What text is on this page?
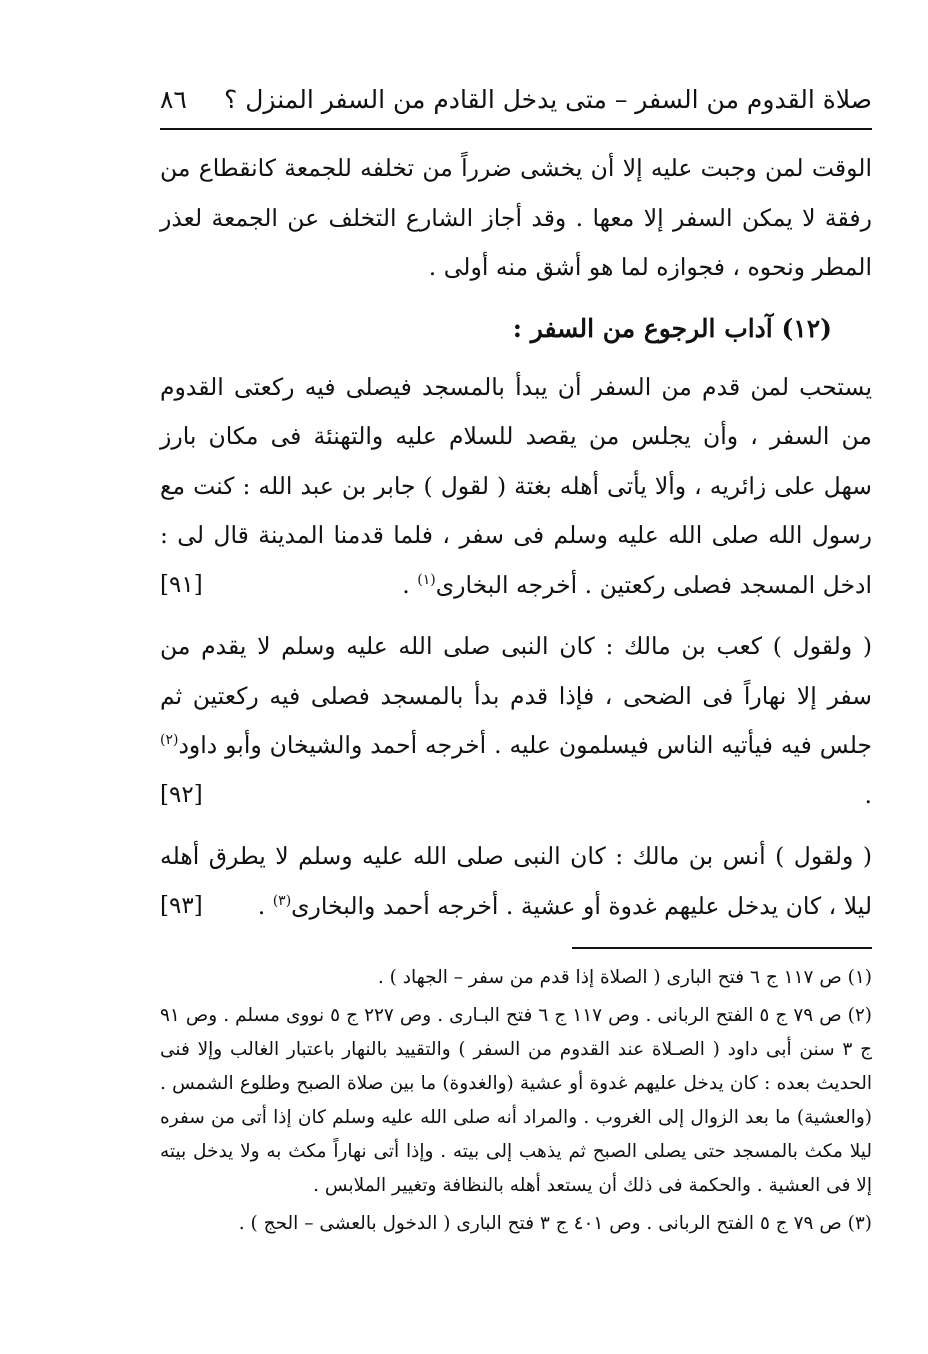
صلاة القدوم من السفر – متى يدخل القادم من السفر المنزل ؟
٨٦

الوقت لمن وجبت عليه إلا أن يخشى ضرراً من تخلفه للجمعة كانقطاع من رفقة لا يمكن السفر إلا معها . وقد أجاز الشارع التخلف عن الجمعة لعذر المطر ونحوه ، فجوازه لما هو أشق منه أولى .

(١٢) آداب الرجوع من السفر :

يستحب لمن قدم من السفر أن يبدأ بالمسجد فيصلى فيه ركعتى القدوم من السفر ، وأن يجلس من يقصد للسلام عليه والتهنئة فى مكان بارز سهل على زائريه ، وألا يأتى أهله بغتة ( لقول ) جابر بن عبد الله : كنت مع رسول الله صلى الله عليه وسلم فى سفر ، فلما قدمنا المدينة قال لى : ادخل المسجد فصلى ركعتين . أخرجه البخارى$^{(١)}$ .
[٩١]

( ولقول ) كعب بن مالك : كان النبى صلى الله عليه وسلم لا يقدم من سفر إلا نهاراً فى الضحى ، فإذا قدم بدأ بالمسجد فصلى فيه ركعتين ثم جلس فيه فيأتيه الناس فيسلمون عليه . أخرجه أحمد والشيخان وأبو داود$^{(٢)}$ .
[٩٢]

( ولقول ) أنس بن مالك : كان النبى صلى الله عليه وسلم لا يطرق أهله ليلا ، كان يدخل عليهم غدوة أو عشية . أخرجه أحمد والبخارى$^{(٣)}$ .
[٩٣]

(١) ص ١١٧ ج ٦ فتح البارى ( الصلاة إذا قدم من سفر – الجهاد ) .

(٢) ص ٧٩ ج ٥ الفتح الربانى . وص ١١٧ ج ٦ فتح البـارى . وص ٢٢٧ ج ٥ نووى مسلم . وص ٩١ ج ٣ سنن أبى داود ( الصـلاة عند القدوم من السفر ) والتقييد بالنهار باعتبار الغالب وإلا فنى الحديث بعده : كان يدخل عليهم غدوة أو عشية (والغدوة) ما بين صلاة الصبح وطلوع الشمس . (والعشية) ما بعد الزوال إلى الغروب . والمراد أنه صلى الله عليه وسلم كان إذا أتى من سفره ليلا مكث بالمسجد حتى يصلى الصبح ثم يذهب إلى بيته . وإذا أتى نهاراً مكث به ولا يدخل بيته إلا فى العشية . والحكمة فى ذلك أن يستعد أهله بالنظافة وتغيير الملابس .

(٣) ص ٧٩ ج ٥ الفتح الربانى . وص ٤٠١ ج ٣ فتح البارى ( الدخول بالعشى – الحج ) .
